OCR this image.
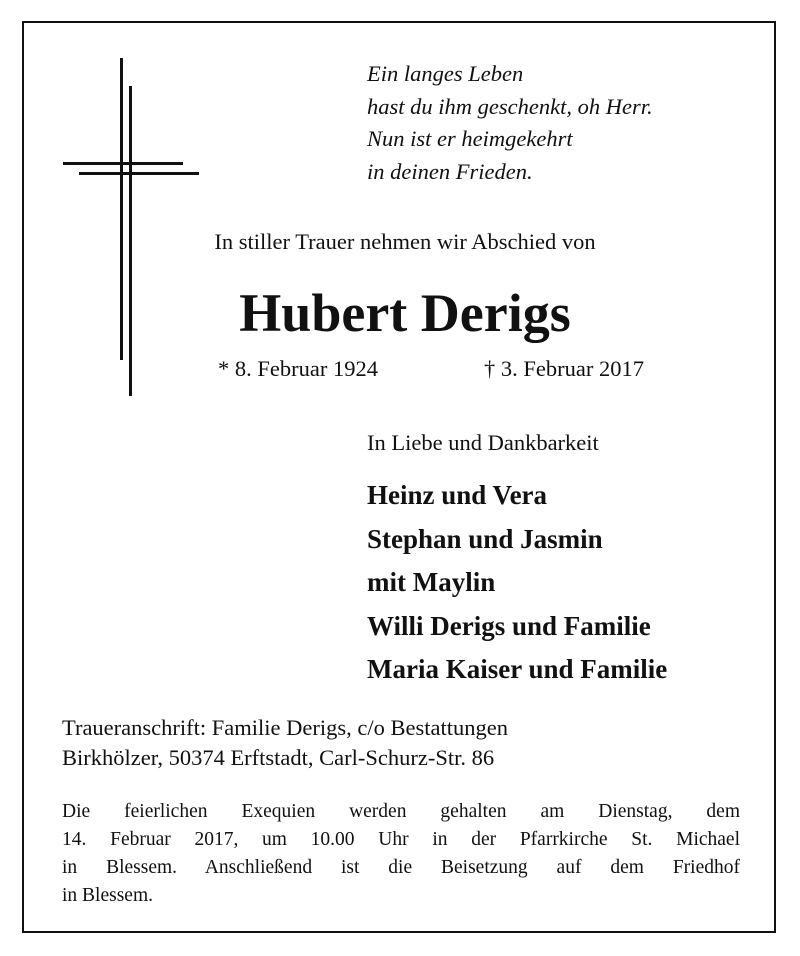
Ein langes Leben
hast du ihm geschenkt, oh Herr.
Nun ist er heimgekehrt
in deinen Frieden.
In stiller Trauer nehmen wir Abschied von
Hubert Derigs
* 8. Februar 1924	† 3. Februar 2017
In Liebe und Dankbarkeit
Heinz und Vera
Stephan und Jasmin
mit Maylin
Willi Derigs und Familie
Maria Kaiser und Familie
Traueranschrift: Familie Derigs, c/o Bestattungen
Birkhölzer, 50374 Erftstadt, Carl-Schurz-Str. 86
Die feierlichen Exequien werden gehalten am Dienstag, dem
14. Februar 2017, um 10.00 Uhr in der Pfarrkirche St. Michael
in Blessem. Anschließend ist die Beisetzung auf dem Friedhof
in Blessem.
